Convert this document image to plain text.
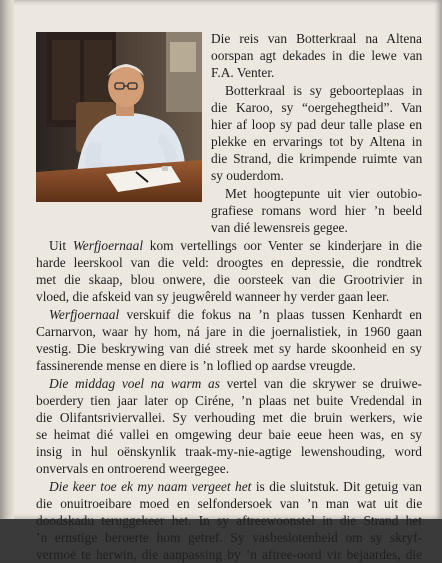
Die reis van Botterkraal na Altena
oorspan agt dekades in die lewe van
F.A. Venter.
Botterkraal is sy geboorteplaas in
die Karoo, sy “oergehegtheid”. Van
hier af loop sy pad deur talle plase en
plekke en ervarings tot by Altena in
die Strand, die krimpende ruimte van
sy ouderdom.
Met hoogtepunte uit vier outobio-
grafiese romans word hier ’n beeld
van dié lewensreis gegee.
Uit Werfjoernaal kom vertellings oor Venter se kinderjare in die
harde leerskool van die veld: droogtes en depressie, die rondtrek
met die skaap, blou onwere, die oorsteek van die Grootrivier in
vloed, die afskeid van sy jeugwêreld wanneer hy verder gaan leer.
Werfjoernaal verskuif die fokus na ’n plaas tussen Kenhardt en
Carnarvon, waar hy hom, ná jare in die joernalistiek, in 1960 gaan
vestig. Die beskrywing van dié streek met sy harde skoonheid en sy
fassinerende mense en diere is ’n loflied op aardse vreugde.
Die middag voel na warm as vertel van die skrywer se druiwe-
boerdery tien jaar later op Ciréne, ’n plaas net buite Vredendal in
die Olifantsriviervallei. Sy verhouding met die bruin werkers, wie
se heimat dié vallei en omgewing deur baie eeue heen was, en sy
insig in hul oënskynlik traak-my-nie-agtige lewenshouding, word
onvervals en ontroerend weergegee.
Die keer toe ek my naam vergeet het is die sluitstuk. Dit getuig van
die onuitroeibare moed en selfondersoek van ’n man wat uit die
doodskadu teruggekeer het. In sy aftreewoonstel in die Strand het
’n ernstige beroerte hom getref. Sy vasbeslotenheid om sy skryf-
vermoë te herwin, die aanpassing by ’n aftree-oord vir bejaardes, die
